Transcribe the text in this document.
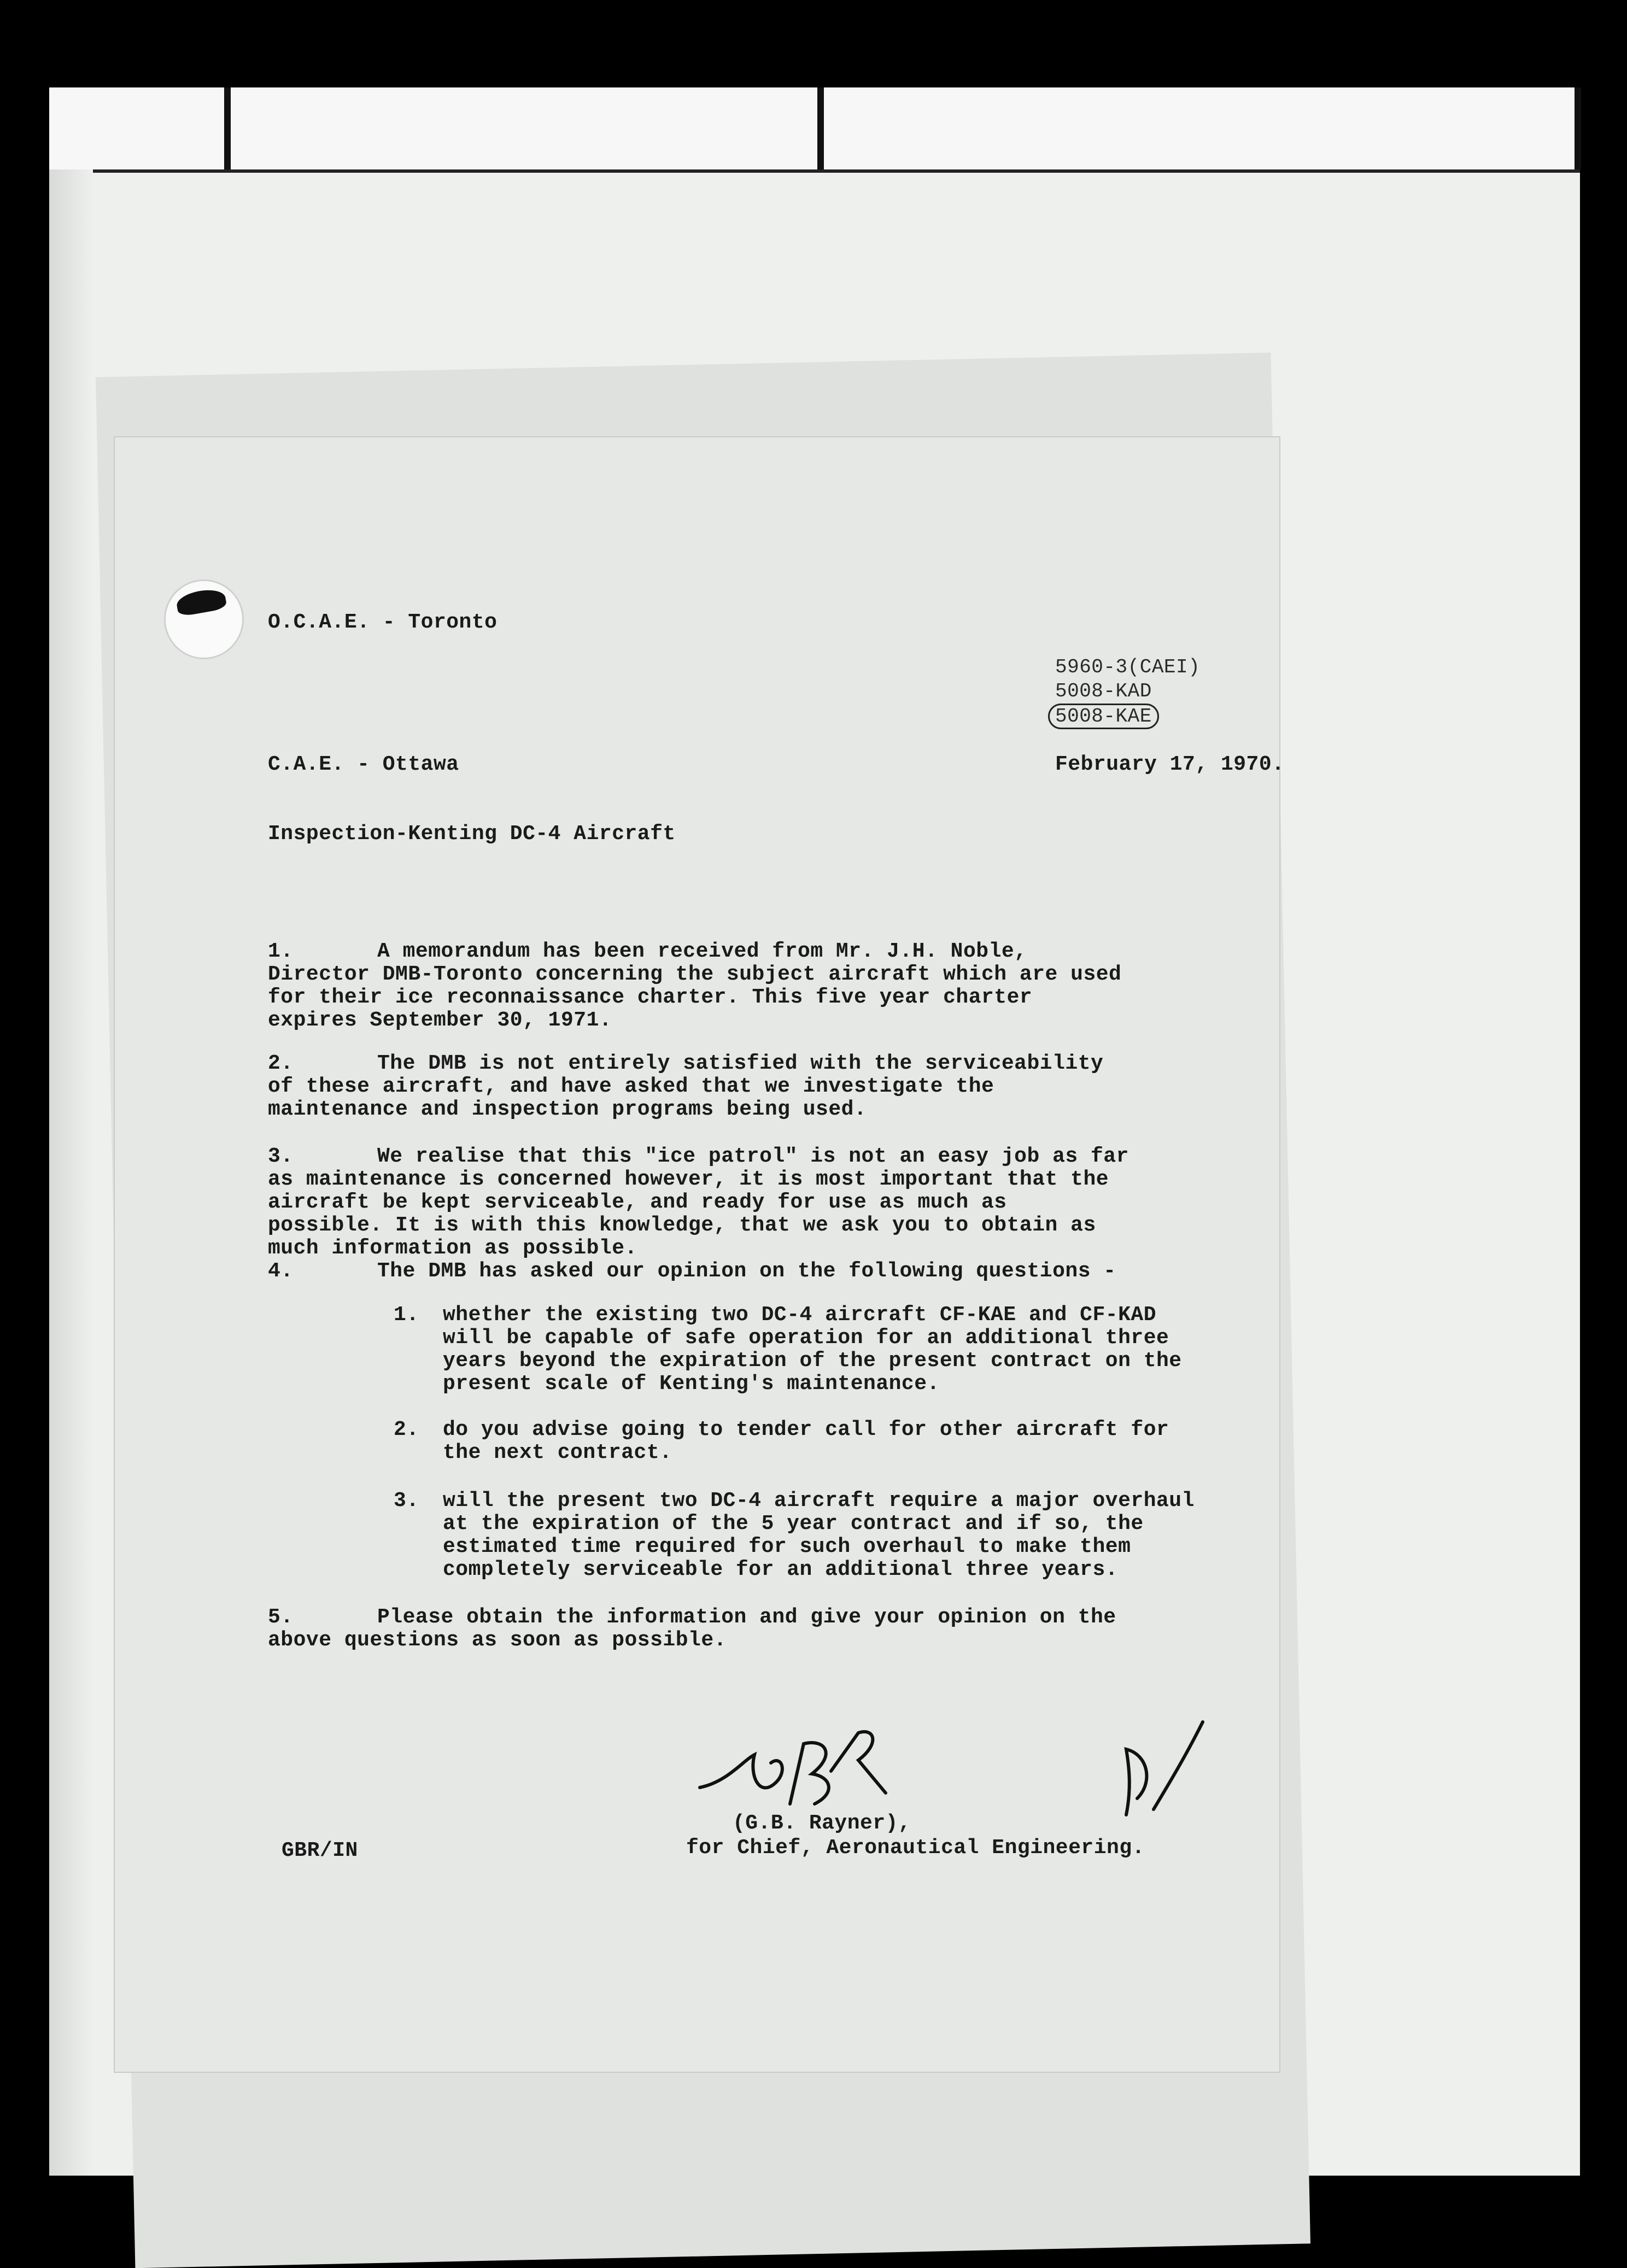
O.C.A.E. - Toronto
5960-3(CAEI)
5008-KAD
5008-KAE
C.A.E. - Ottawa	February 17, 1970.
Inspection-Kenting DC-4 Aircraft
1.	A memorandum has been received from Mr. J.H. Noble, Director DMB-Toronto concerning the subject aircraft which are used for their ice reconnaissance charter. This five year charter expires September 30, 1971.
2.	The DMB is not entirely satisfied with the serviceability of these aircraft, and have asked that we investigate the maintenance and inspection programs being used.
3.	We realise that this "ice patrol" is not an easy job as far as maintenance is concerned however, it is most important that the aircraft be kept serviceable, and ready for use as much as possible. It is with this knowledge, that we ask you to obtain as much information as possible.
4.	The DMB has asked our opinion on the following questions -
1. whether the existing two DC-4 aircraft CF-KAE and CF-KAD will be capable of safe operation for an additional three years beyond the expiration of the present contract on the present scale of Kenting's maintenance.
2. do you advise going to tender call for other aircraft for the next contract.
3. will the present two DC-4 aircraft require a major overhaul at the expiration of the 5 year contract and if so, the estimated time required for such overhaul to make them completely serviceable for an additional three years.
5.	Please obtain the information and give your opinion on the above questions as soon as possible.
(G.B. Rayner),
for Chief, Aeronautical Engineering.
GBR/IN
